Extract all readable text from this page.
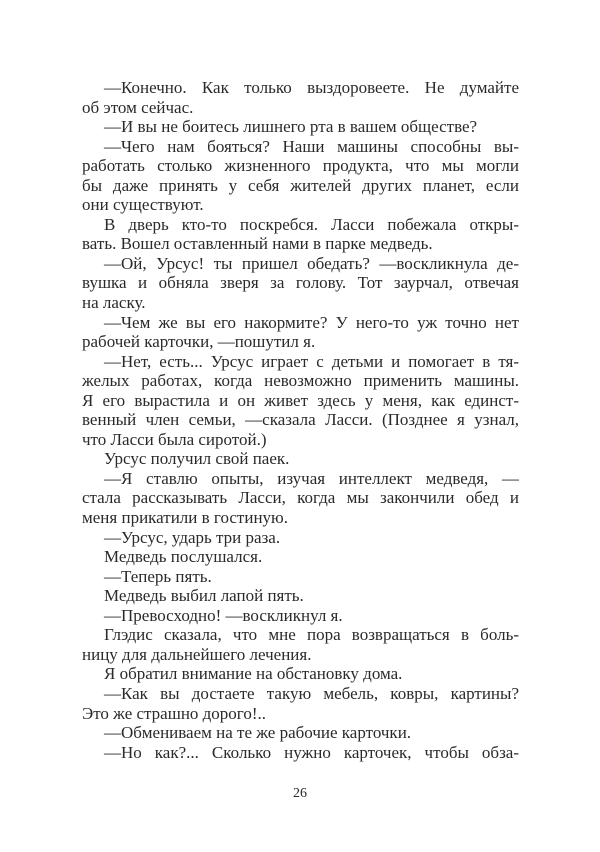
—Конечно. Как только выздоровеете. Не думайте
об этом сейчас.
—И вы не боитесь лишнего рта в вашем обществе?
—Чего нам бояться? Наши машины способны вы-
работать столько жизненного продукта, что мы могли
бы даже принять у себя жителей других планет, если
они существуют.
В дверь кто-то поскребся. Ласси побежала откры-
вать. Вошел оставленный нами в парке медведь.
—Ой, Урсус! ты пришел обедать? —воскликнула де-
вушка и обняла зверя за голову. Тот заурчал, отвечая
на ласку.
—Чем же вы его накормите? У него-то уж точно нет
рабочей карточки, —пошутил я.
—Нет, есть... Урсус играет с детьми и помогает в тя-
желых работах, когда невозможно применить машины.
Я его вырастила и он живет здесь у меня, как единст-
венный член семьи, —сказала Ласси. (Позднее я узнал,
что Ласси была сиротой.)
Урсус получил свой паек.
—Я ставлю опыты, изучая интеллект медведя, —
стала рассказывать Ласси, когда мы закончили обед и
меня прикатили в гостиную.
—Урсус, ударь три раза.
Медведь послушался.
—Теперь пять.
Медведь выбил лапой пять.
—Превосходно! —воскликнул я.
Глэдис сказала, что мне пора возвращаться в боль-
ницу для дальнейшего лечения.
Я обратил внимание на обстановку дома.
—Как вы достаете такую мебель, ковры, картины?
Это же страшно дорого!..
—Обмениваем на те же рабочие карточки.
—Но как?... Сколько нужно карточек, чтобы обза-
26
